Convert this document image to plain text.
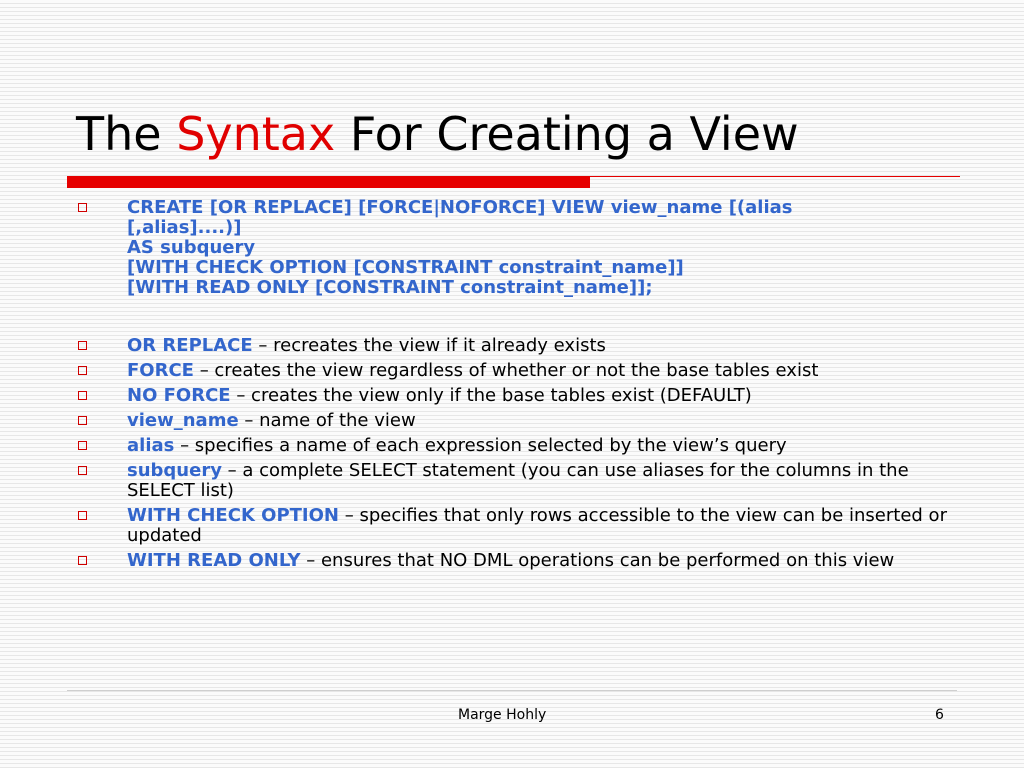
The Syntax For Creating a View
CREATE [OR REPLACE] [FORCE|NOFORCE] VIEW view_name [(alias
[,alias]....)]
AS subquery
[WITH CHECK OPTION [CONSTRAINT constraint_name]]
[WITH READ ONLY [CONSTRAINT constraint_name]];
OR REPLACE – recreates the view if it already exists
FORCE – creates the view regardless of whether or not the base tables exist
NO FORCE – creates the view only if the base tables exist (DEFAULT)
view_name – name of the view
alias – specifies a name of each expression selected by the view’s query
subquery – a complete SELECT statement (you can use aliases for the columns in the SELECT list)
WITH CHECK OPTION – specifies that only rows accessible to the view can be inserted or updated
WITH READ ONLY – ensures that NO DML operations can be performed on this view
Marge Hohly	6
